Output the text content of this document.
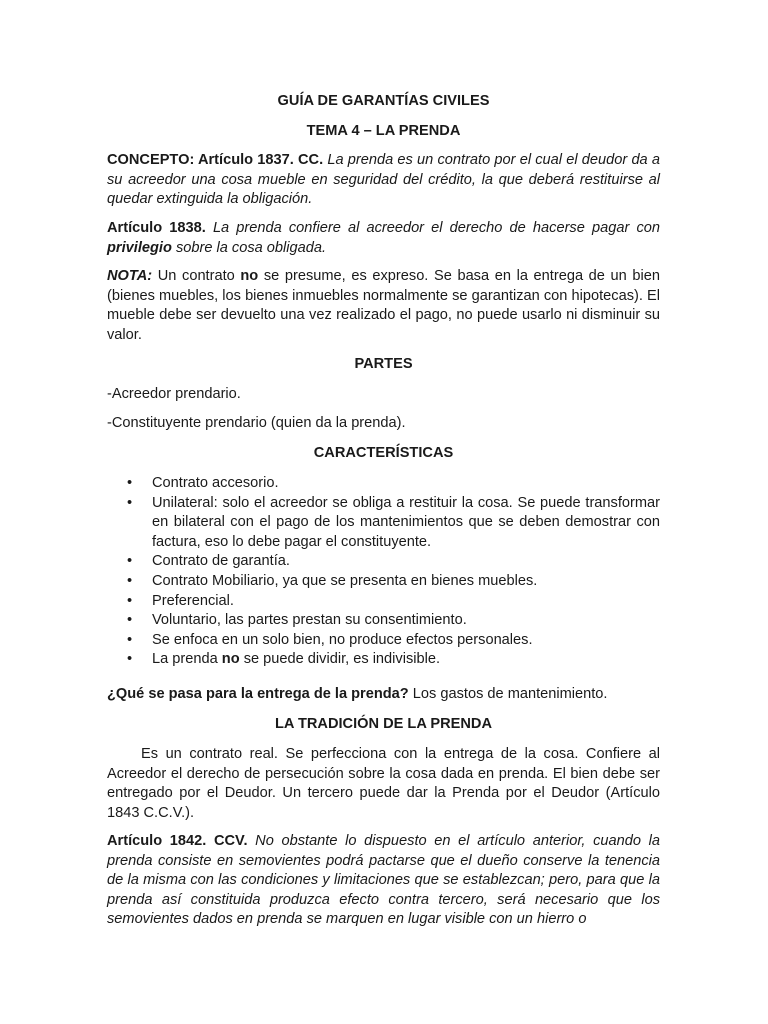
GUÍA DE GARANTÍAS CIVILES
TEMA 4 – LA PRENDA
CONCEPTO: Artículo 1837. CC. La prenda es un contrato por el cual el deudor da a su acreedor una cosa mueble en seguridad del crédito, la que deberá restituirse al quedar extinguida la obligación.
Artículo 1838. La prenda confiere al acreedor el derecho de hacerse pagar con privilegio sobre la cosa obligada.
NOTA: Un contrato no se presume, es expreso. Se basa en la entrega de un bien (bienes muebles, los bienes inmuebles normalmente se garantizan con hipotecas). El mueble debe ser devuelto una vez realizado el pago, no puede usarlo ni disminuir su valor.
PARTES
-Acreedor prendario.
-Constituyente prendario (quien da la prenda).
CARACTERÍSTICAS
• Contrato accesorio.
• Unilateral: solo el acreedor se obliga a restituir la cosa. Se puede transformar en bilateral con el pago de los mantenimientos que se deben demostrar con factura, eso lo debe pagar el constituyente.
• Contrato de garantía.
• Contrato Mobiliario, ya que se presenta en bienes muebles.
• Preferencial.
• Voluntario, las partes prestan su consentimiento.
• Se enfoca en un solo bien, no produce efectos personales.
• La prenda no se puede dividir, es indivisible.
¿Qué se pasa para la entrega de la prenda? Los gastos de mantenimiento.
LA TRADICIÓN DE LA PRENDA
Es un contrato real. Se perfecciona con la entrega de la cosa. Confiere al Acreedor el derecho de persecución sobre la cosa dada en prenda. El bien debe ser entregado por el Deudor. Un tercero puede dar la Prenda por el Deudor (Artículo 1843 C.C.V.).
Artículo 1842. CCV. No obstante lo dispuesto en el artículo anterior, cuando la prenda consiste en semovientes podrá pactarse que el dueño conserve la tenencia de la misma con las condiciones y limitaciones que se establezcan; pero, para que la prenda así constituida produzca efecto contra tercero, será necesario que los semovientes dados en prenda se marquen en lugar visible con un hierro o
